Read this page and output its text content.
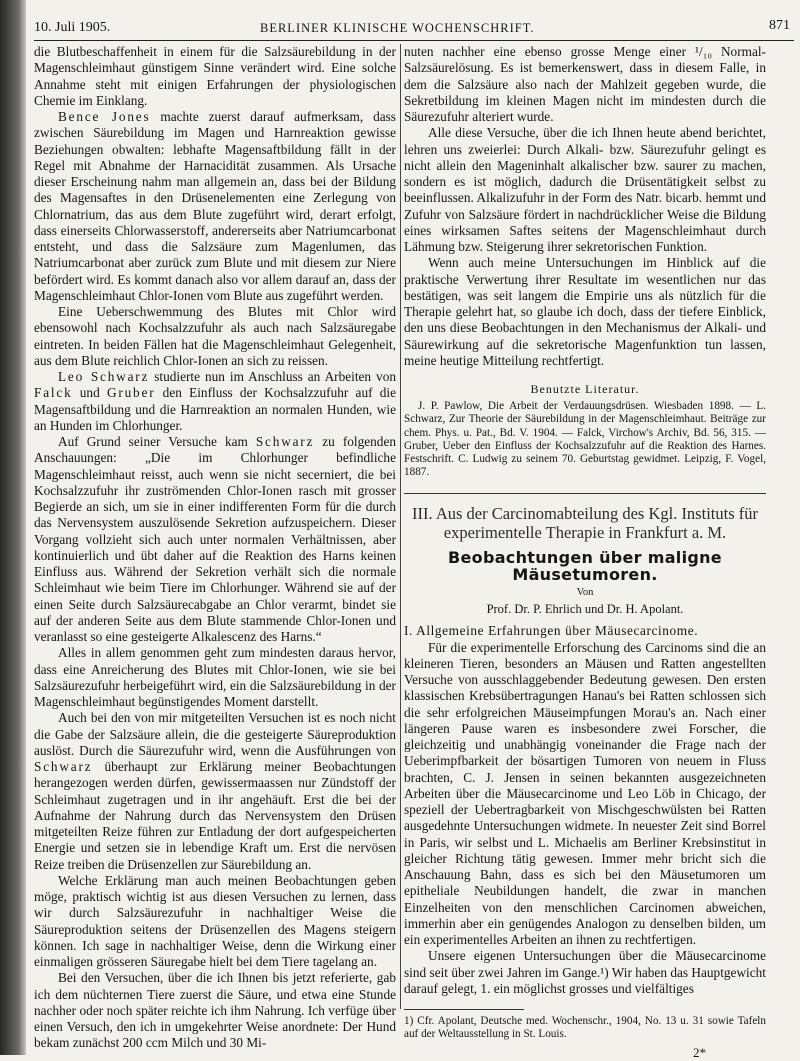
10. Juli 1905.	BERLINER KLINISCHE WOCHENSCHRIFT.	871

die Blutbeschaffenheit in einem für die Salzsäurebildung in der Magenschleimhaut günstigem Sinne verändert wird. Eine solche Annahme steht mit einigen Erfahrungen der physiologischen Chemie im Einklang.

Bence Jones machte zuerst darauf aufmerksam, dass zwischen Säurebildung im Magen und Harnreaktion gewisse Beziehungen obwalten: lebhafte Magensaftbildung fällt in der Regel mit Abnahme der Harnacidität zusammen. Als Ursache dieser Erscheinung nahm man allgemein an, dass bei der Bildung des Magensaftes in den Drüsenelementen eine Zerlegung von Chlornatrium, das aus dem Blute zugeführt wird, derart erfolgt, dass einerseits Chlorwasserstoff, andererseits aber Natriumcarbonat entsteht, und dass die Salzsäure zum Magenlumen, das Natriumcarbonat aber zurück zum Blute und mit diesem zur Niere befördert wird. Es kommt danach also vor allem darauf an, dass der Magenschleimhaut Chlor-Ionen vom Blute aus zugeführt werden.

Eine Ueberschwemmung des Blutes mit Chlor wird ebensowohl nach Kochsalzzufuhr als auch nach Salzsäuregabe eintreten. In beiden Fällen hat die Magenschleimhaut Gelegenheit, aus dem Blute reichlich Chlor-Ionen an sich zu reissen.

Leo Schwarz studierte nun im Anschluss an Arbeiten von Falck und Gruber den Einfluss der Kochsalzzufuhr auf die Magensaftbildung und die Harnreaktion an normalen Hunden, wie an Hunden im Chlorhunger.

Auf Grund seiner Versuche kam Schwarz zu folgenden Anschauungen: „Die im Chlorhunger befindliche Magenschleimhaut reisst, auch wenn sie nicht secerniert, die bei Kochsalzzufuhr ihr zuströmenden Chlor-Ionen rasch mit grosser Begierde an sich, um sie in einer indifferenten Form für die durch das Nervensystem auszulösende Sekretion aufzuspeichern. Dieser Vorgang vollzieht sich auch unter normalen Verhältnissen, aber kontinuierlich und übt daher auf die Reaktion des Harns keinen Einfluss aus. Während der Sekretion verhält sich die normale Schleimhaut wie beim Tiere im Chlorhunger. Während sie auf der einen Seite durch Salzsäurecabgabe an Chlor verarmt, bindet sie auf der anderen Seite aus dem Blute stammende Chlor-Ionen und veranlasst so eine gesteigerte Alkalescenz des Harns.“

Alles in allem genommen geht zum mindesten daraus hervor, dass eine Anreicherung des Blutes mit Chlor-Ionen, wie sie bei Salzsäurezufuhr herbeigeführt wird, ein die Salzsäurebildung in der Magenschleimhaut begünstigendes Moment darstellt.

Auch bei den von mir mitgeteilten Versuchen ist es noch nicht die Gabe der Salzsäure allein, die die gesteigerte Säureproduktion auslöst. Durch die Säurezufuhr wird, wenn die Ausführungen von Schwarz überhaupt zur Erklärung meiner Beobachtungen herangezogen werden dürfen, gewissermaassen nur Zündstoff der Schleimhaut zugetragen und in ihr angehäuft. Erst die bei der Aufnahme der Nahrung durch das Nervensystem den Drüsen mitgeteilten Reize führen zur Entladung der dort aufgespeicherten Energie und setzen sie in lebendige Kraft um. Erst die nervösen Reize treiben die Drüsenzellen zur Säurebildung an.

Welche Erklärung man auch meinen Beobachtungen geben möge, praktisch wichtig ist aus diesen Versuchen zu lernen, dass wir durch Salzsäurezufuhr in nachhaltiger Weise die Säureproduktion seitens der Drüsenzellen des Magens steigern können. Ich sage in nachhaltiger Weise, denn die Wirkung einer einmaligen grösseren Säuregabe hielt bei dem Tiere tagelang an.

Bei den Versuchen, über die ich Ihnen bis jetzt referierte, gab ich dem nüchternen Tiere zuerst die Säure, und etwa eine Stunde nachher oder noch später reichte ich ihm Nahrung. Ich verfüge über einen Versuch, den ich in umgekehrter Weise anordnete: Der Hund bekam zunächst 200 ccm Milch und 30 Mi-

nuten nachher eine ebenso grosse Menge einer ¹/₁₀ Normal-Salzsäurelösung. Es ist bemerkenswert, dass in diesem Falle, in dem die Salzsäure also nach der Mahlzeit gegeben wurde, die Sekretbildung im kleinen Magen nicht im mindesten durch die Säurezufuhr alteriert wurde.

Alle diese Versuche, über die ich Ihnen heute abend berichtet, lehren uns zweierlei: Durch Alkali- bzw. Säurezufuhr gelingt es nicht allein den Mageninhalt alkalischer bzw. saurer zu machen, sondern es ist möglich, dadurch die Drüsentätigkeit selbst zu beeinflussen. Alkalizufuhr in der Form des Natr. bicarb. hemmt und Zufuhr von Salzsäure fördert in nachdrücklicher Weise die Bildung eines wirksamen Saftes seitens der Magenschleimhaut durch Lähmung bzw. Steigerung ihrer sekretorischen Funktion.

Wenn auch meine Untersuchungen im Hinblick auf die praktische Verwertung ihrer Resultate im wesentlichen nur das bestätigen, was seit langem die Empirie uns als nützlich für die Therapie gelehrt hat, so glaube ich doch, dass der tiefere Einblick, den uns diese Beobachtungen in den Mechanismus der Alkali- und Säurewirkung auf die sekretorische Magenfunktion tun lassen, meine heutige Mitteilung rechtfertigt.

Benutzte Literatur.

J. P. Pawlow, Die Arbeit der Verdauungsdrüsen. Wiesbaden 1898. — L. Schwarz, Zur Theorie der Säurebildung in der Magenschleimhaut. Beiträge zur chem. Phys. u. Pat., Bd. V. 1904. — Falck, Virchow's Archiv, Bd. 56, 315. — Gruber, Ueber den Einfluss der Kochsalzzufuhr auf die Reaktion des Harnes. Festschrift. C. Ludwig zu seinem 70. Geburtstag gewidmet. Leipzig, F. Vogel, 1887.

III. Aus der Carcinomabteilung des Kgl. Instituts für experimentelle Therapie in Frankfurt a. M.
Beobachtungen über maligne Mäusetumoren.
Von
Prof. Dr. P. Ehrlich und Dr. H. Apolant.
I. Allgemeine Erfahrungen über Mäusecarcinome.

Für die experimentelle Erforschung des Carcinoms sind die an kleineren Tieren, besonders an Mäusen und Ratten angestellten Versuche von ausschlaggebender Bedeutung gewesen. Den ersten klassischen Krebsübertragungen Hanau's bei Ratten schlossen sich die sehr erfolgreichen Mäuseimpfungen Morau's an. Nach einer längeren Pause waren es insbesondere zwei Forscher, die gleichzeitig und unabhängig voneinander die Frage nach der Ueberimpfbarkeit der bösartigen Tumoren von neuem in Fluss brachten, C. J. Jensen in seinen bekannten ausgezeichneten Arbeiten über die Mäusecarcinome und Leo Löb in Chicago, der speziell der Uebertragbarkeit von Mischgeschwülsten bei Ratten ausgedehnte Untersuchungen widmete. In neuester Zeit sind Borrel in Paris, wir selbst und L. Michaelis am Berliner Krebsinstitut in gleicher Richtung tätig gewesen. Immer mehr bricht sich die Anschauung Bahn, dass es sich bei den Mäusetumoren um epitheliale Neubildungen handelt, die zwar in manchen Einzelheiten von den menschlichen Carcinomen abweichen, immerhin aber ein genügendes Analogon zu denselben bilden, um ein experimentelles Arbeiten an ihnen zu rechtfertigen.

Unsere eigenen Untersuchungen über die Mäusecarcinome sind seit über zwei Jahren im Gange.¹) Wir haben das Hauptgewicht darauf gelegt, 1. ein möglichst grosses und vielfältiges

1) Cfr. Apolant, Deutsche med. Wochenschr., 1904, No. 13 u. 31 sowie Tafeln auf der Weltausstellung in St. Louis.
2*
